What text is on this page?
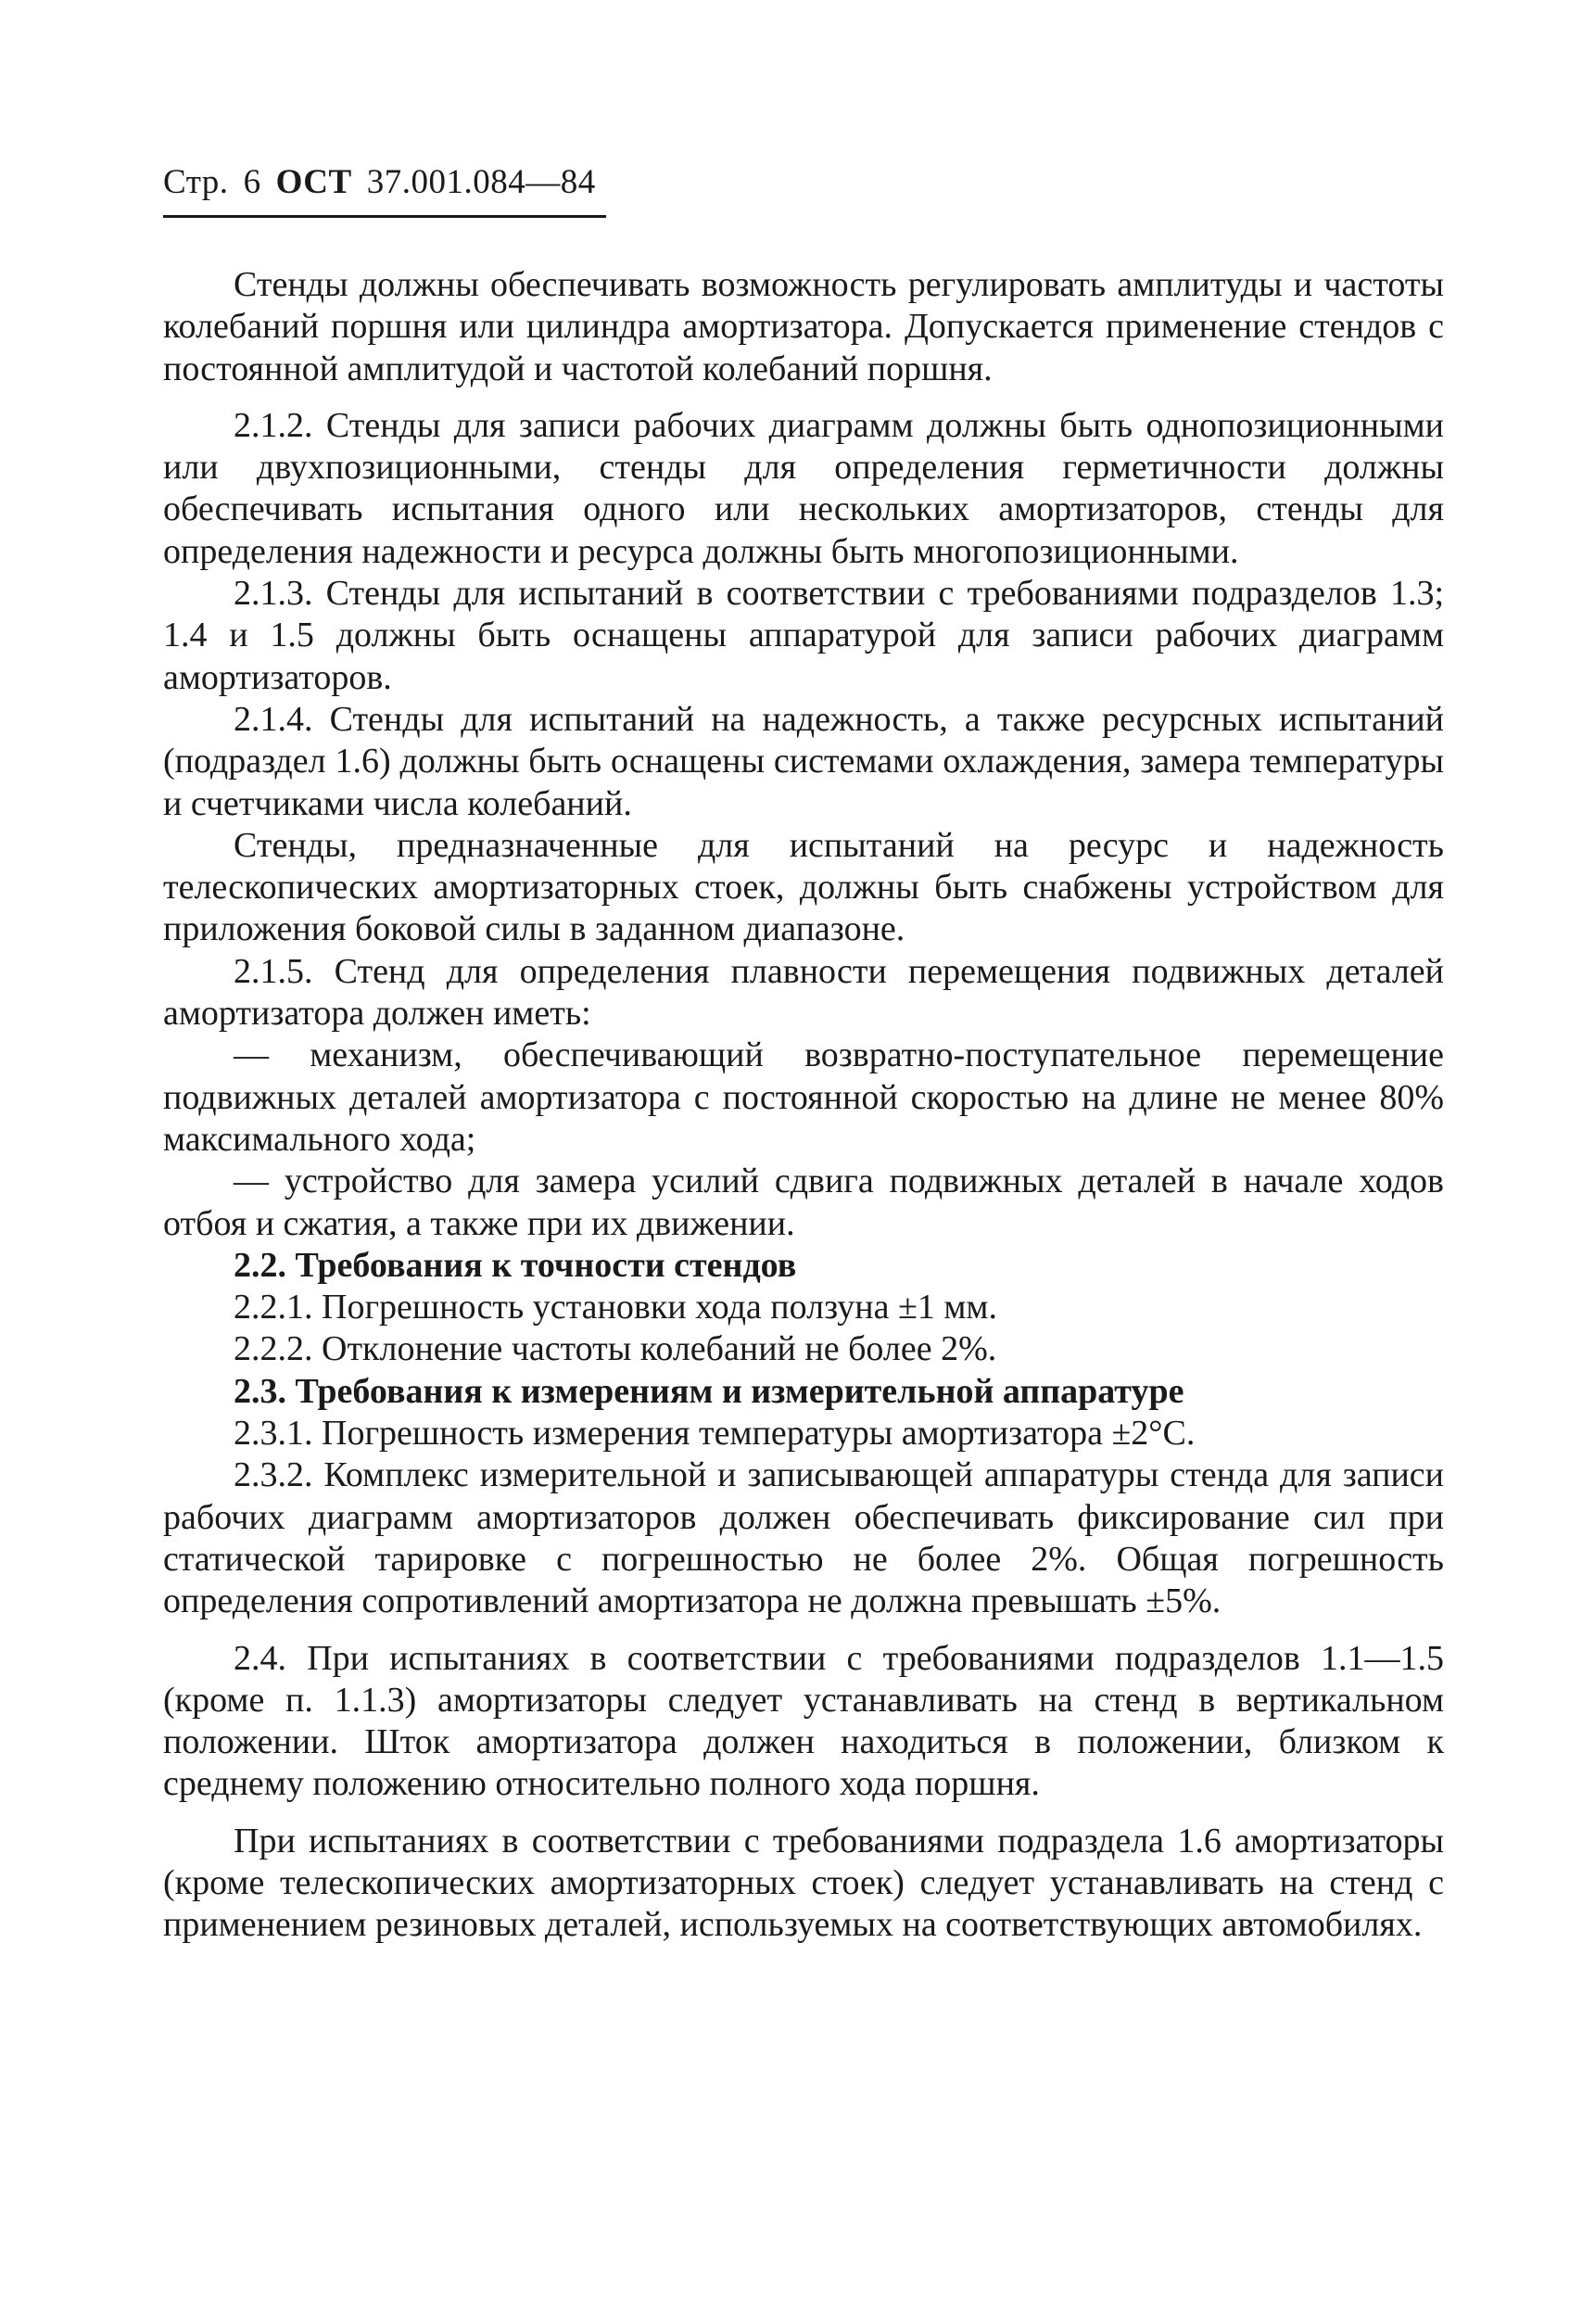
Стр. 6 ОСТ 37.001.084—84

Стенды должны обеспечивать возможность регулировать амплитуды и частоты колебаний поршня или цилиндра амортизатора. Допускается применение стендов с постоянной амплитудой и частотой колебаний поршня.

2.1.2. Стенды для записи рабочих диаграмм должны быть однопозиционными или двухпозиционными, стенды для определения герметичности должны обеспечивать испытания одного или нескольких амортизаторов, стенды для определения надежности и ресурса должны быть многопозиционными.

2.1.3. Стенды для испытаний в соответствии с требованиями подразделов 1.3; 1.4 и 1.5 должны быть оснащены аппаратурой для записи рабочих диаграмм амортизаторов.

2.1.4. Стенды для испытаний на надежность, а также ресурсных испытаний (подраздел 1.6) должны быть оснащены системами охлаждения, замера температуры и счетчиками числа колебаний.

Стенды, предназначенные для испытаний на ресурс и надежность телескопических амортизаторных стоек, должны быть снабжены устройством для приложения боковой силы в заданном диапазоне.

2.1.5. Стенд для определения плавности перемещения подвижных деталей амортизатора должен иметь:

— механизм, обеспечивающий возвратно-поступательное перемещение подвижных деталей амортизатора с постоянной скоростью на длине не менее 80% максимального хода;

— устройство для замера усилий сдвига подвижных деталей в начале ходов отбоя и сжатия, а также при их движении.

2.2. Требования к точности стендов

2.2.1. Погрешность установки хода ползуна ±1 мм.

2.2.2. Отклонение частоты колебаний не более 2%.

2.3. Требования к измерениям и измерительной аппаратуре

2.3.1. Погрешность измерения температуры амортизатора ±2°С.

2.3.2. Комплекс измерительной и записывающей аппаратуры стенда для записи рабочих диаграмм амортизаторов должен обеспечивать фиксирование сил при статической тарировке с погрешностью не более 2%. Общая погрешность определения сопротивлений амортизатора не должна превышать ±5%.

2.4. При испытаниях в соответствии с требованиями подразделов 1.1—1.5 (кроме п. 1.1.3) амортизаторы следует устанавливать на стенд в вертикальном положении. Шток амортизатора должен находиться в положении, близком к среднему положению относительно полного хода поршня.

При испытаниях в соответствии с требованиями подраздела 1.6 амортизаторы (кроме телескопических амортизаторных стоек) следует устанавливать на стенд с применением резиновых деталей, используемых на соответствующих автомобилях.
